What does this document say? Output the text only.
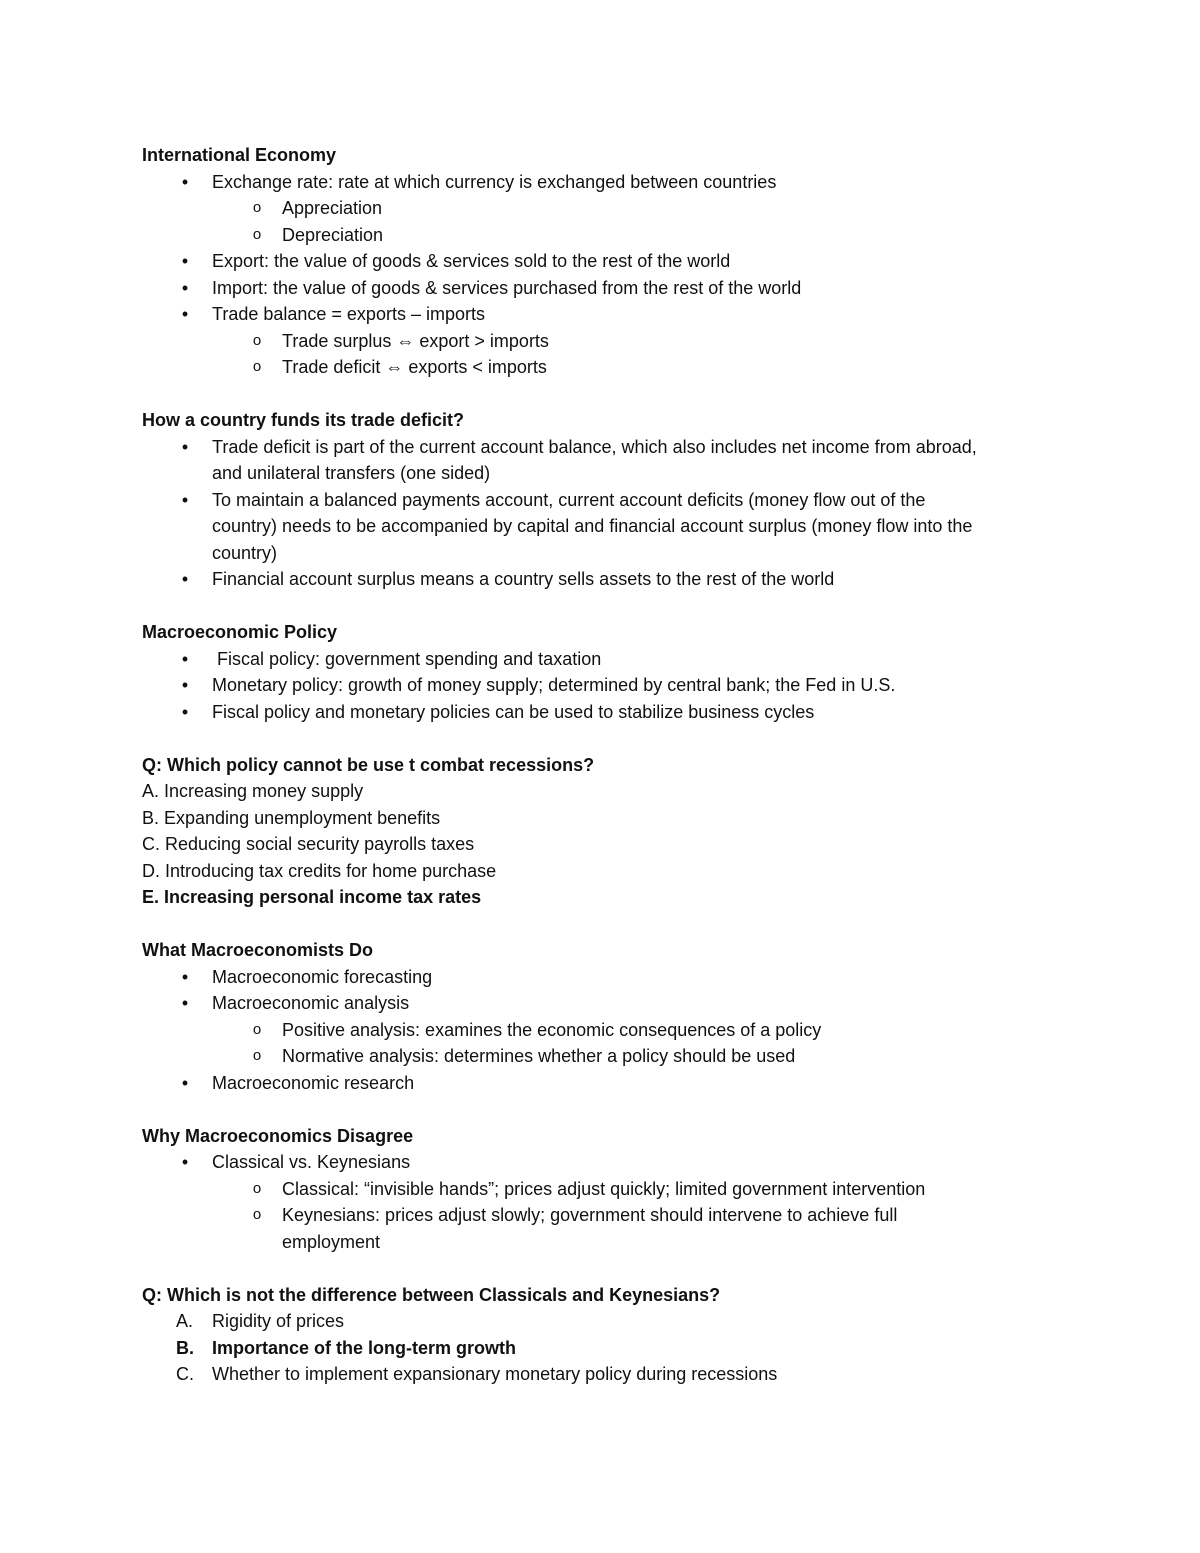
International Economy
•	Exchange rate: rate at which currency is exchanged between countries
o Appreciation
o Depreciation
•	Export: the value of goods & services sold to the rest of the world
•	Import: the value of goods & services purchased from the rest of the world
•	Trade balance = exports – imports
o Trade surplus ⇔ export > imports
o Trade deficit ⇔ exports < imports
How a country funds its trade deficit?
•	Trade deficit is part of the current account balance, which also includes net income from abroad,
and unilateral transfers (one sided)
•	To maintain a balanced payments account, current account deficits (money flow out of the
country) needs to be accompanied by capital and financial account surplus (money flow into the
country)
•	Financial account surplus means a country sells assets to the rest of the world
Macroeconomic Policy
•	Fiscal policy: government spending and taxation
•	Monetary policy: growth of money supply; determined by central bank; the Fed in U.S.
•	Fiscal policy and monetary policies can be used to stabilize business cycles
Q: Which policy cannot be use t combat recessions?
A. Increasing money supply
B. Expanding unemployment benefits
C. Reducing social security payrolls taxes
D. Introducing tax credits for home purchase
E. Increasing personal income tax rates
What Macroeconomists Do
•	Macroeconomic forecasting
•	Macroeconomic analysis
o Positive analysis: examines the economic consequences of a policy
o Normative analysis: determines whether a policy should be used
•	Macroeconomic research
Why Macroeconomics Disagree
•	Classical vs. Keynesians
o Classical: “invisible hands”; prices adjust quickly; limited government intervention
o Keynesians: prices adjust slowly; government should intervene to achieve full
employment
Q: Which is not the difference between Classicals and Keynesians?
A. Rigidity of prices
B. Importance of the long-term growth
C. Whether to implement expansionary monetary policy during recessions
